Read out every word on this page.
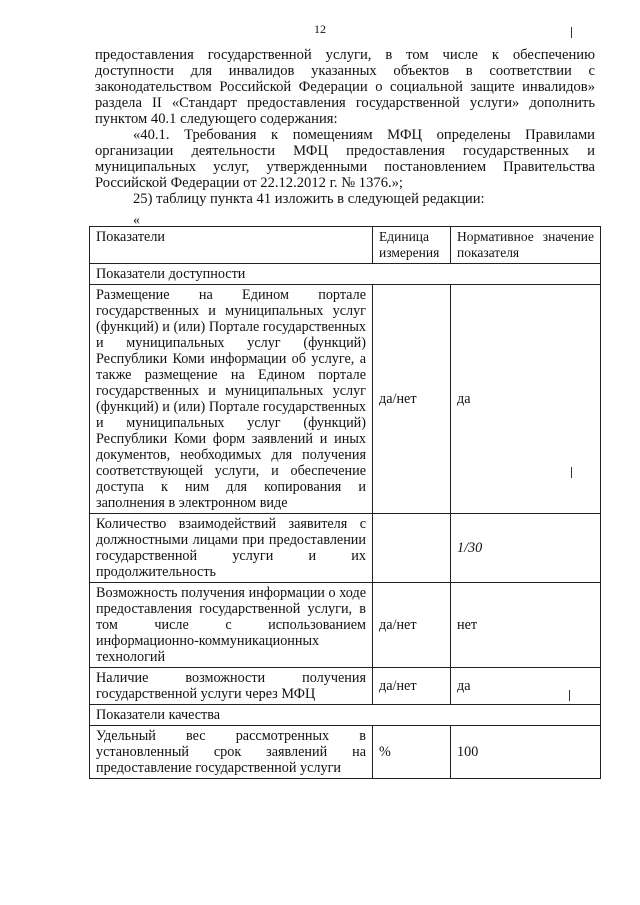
12

предоставления государственной услуги, в том числе к обеспечению доступности для инвалидов указанных объектов в соответствии с законодательством Российской Федерации о социальной защите инвалидов» раздела II «Стандарт предоставления государственной услуги» дополнить пунктом 40.1 следующего содержания:

«40.1. Требования к помещениям МФЦ определены Правилами организации деятельности МФЦ предоставления государственных и муниципальных услуг, утвержденными постановлением Правительства Российской Федерации от 22.12.2012 г. № 1376.»;

25) таблицу пункта 41 изложить в следующей редакции:

«
Показатели	Единица измерения	Нормативное значение показателя
Показатели доступности		
Размещение на Едином портале государственных и муниципальных услуг (функций) и (или) Портале государственных и муниципальных услуг (функций) Республики Коми информации об услуге, а также размещение на Едином портале государственных и муниципальных услуг (функций) и (или) Портале государственных и муниципальных услуг (функций) Республики Коми форм заявлений и иных документов, необходимых для получения соответствующей услуги, и обеспечение доступа к ним для копирования и заполнения в электронном виде	да/нет	да
Количество взаимодействий заявителя с должностными лицами при предоставлении государственной услуги и их продолжительность		1/30
Возможность получения информации о ходе предоставления государственной услуги, в том числе с использованием информационно-коммуникационных технологий	да/нет	нет
Наличие возможности получения государственной услуги через МФЦ	да/нет	да
Показатели качества		
Удельный вес рассмотренных в установленный срок заявлений на предоставление государственной услуги	%	100
